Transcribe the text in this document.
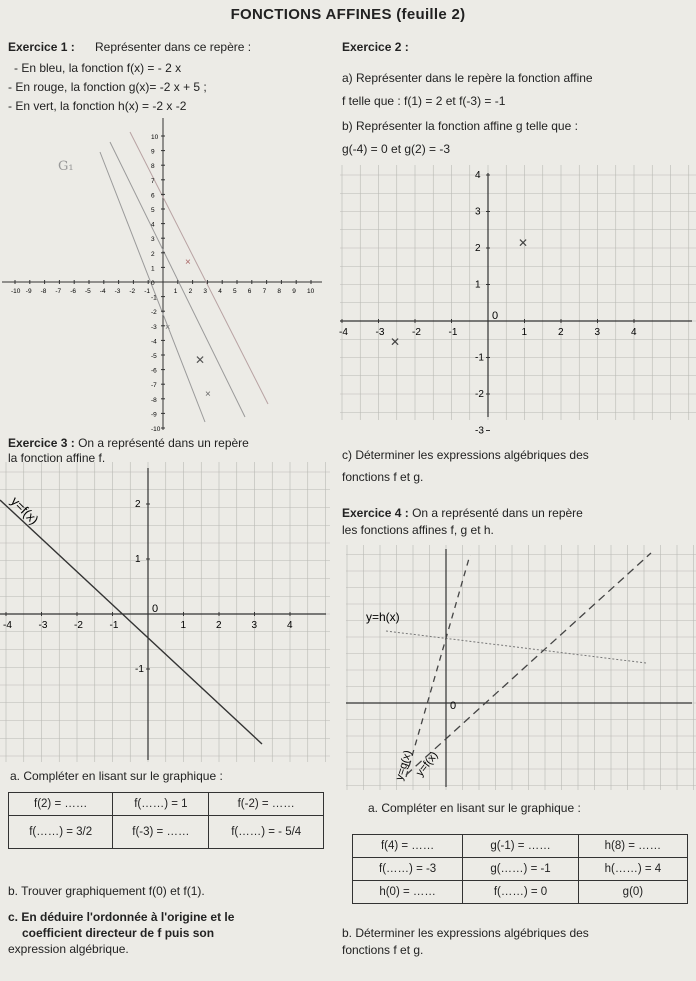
FONCTIONS AFFINES (feuille 2)
Exercice 1 : Représenter dans ce repère :
- En bleu, la fonction f(x) = - 2 x
- En rouge, la fonction g(x)= -2 x + 5 ;
- En vert, la fonction h(x) = -2 x -2
-10 -9 -8 -7 -6 -5 -4 -3 -2 -1	1 2 3 4 5 6 7 8 9 10
10
9
8
7
6
5
4
3
2
1
0
-1
-2
-3
-4
-5
-6
-7
-8
-9
-10
G₁
×
✕
×
×
Exercice 2 :
a) Représenter dans le repère la fonction affine
f telle que : f(1) = 2 et f(-3) = -1
b) Représenter la fonction affine g telle que :
g(-4) = 0 et g(2) = -3
-4	-3	-2	-1	1	2	3	4
4
3
2
1
-1
-2
-3
0
✕
✕
c) Déterminer les expressions algébriques des
fonctions f et g.
Exercice 3 : On a représenté dans un repère
la fonction affine f.
-4	-3	-2	-1	1	2	3	4
2
1
-1
0
y=f(x)
a. Compléter en lisant sur le graphique :
f(2) = ……	f(……) = 1	f(-2) = ……
f(……) = 3/2	f(-3) = ……	f(……) = - 5/4
b. Trouver graphiquement f(0) et f(1).
c. En déduire l'ordonnée à l'origine et le
coefficient directeur de f puis son
expression algébrique.
Exercice 4 : On a représenté dans un repère
les fonctions affines f, g et h.
0
y=h(x)
y=g(x) y=f(x)
a. Compléter en lisant sur le graphique :
f(4) = ……	g(-1) = ……	h(8) = ……
f(……) = -3	g(……) = -1	h(……) = 4
h(0) = ……	f(……) = 0	g(0)
b. Déterminer les expressions algébriques des
fonctions f et g.
